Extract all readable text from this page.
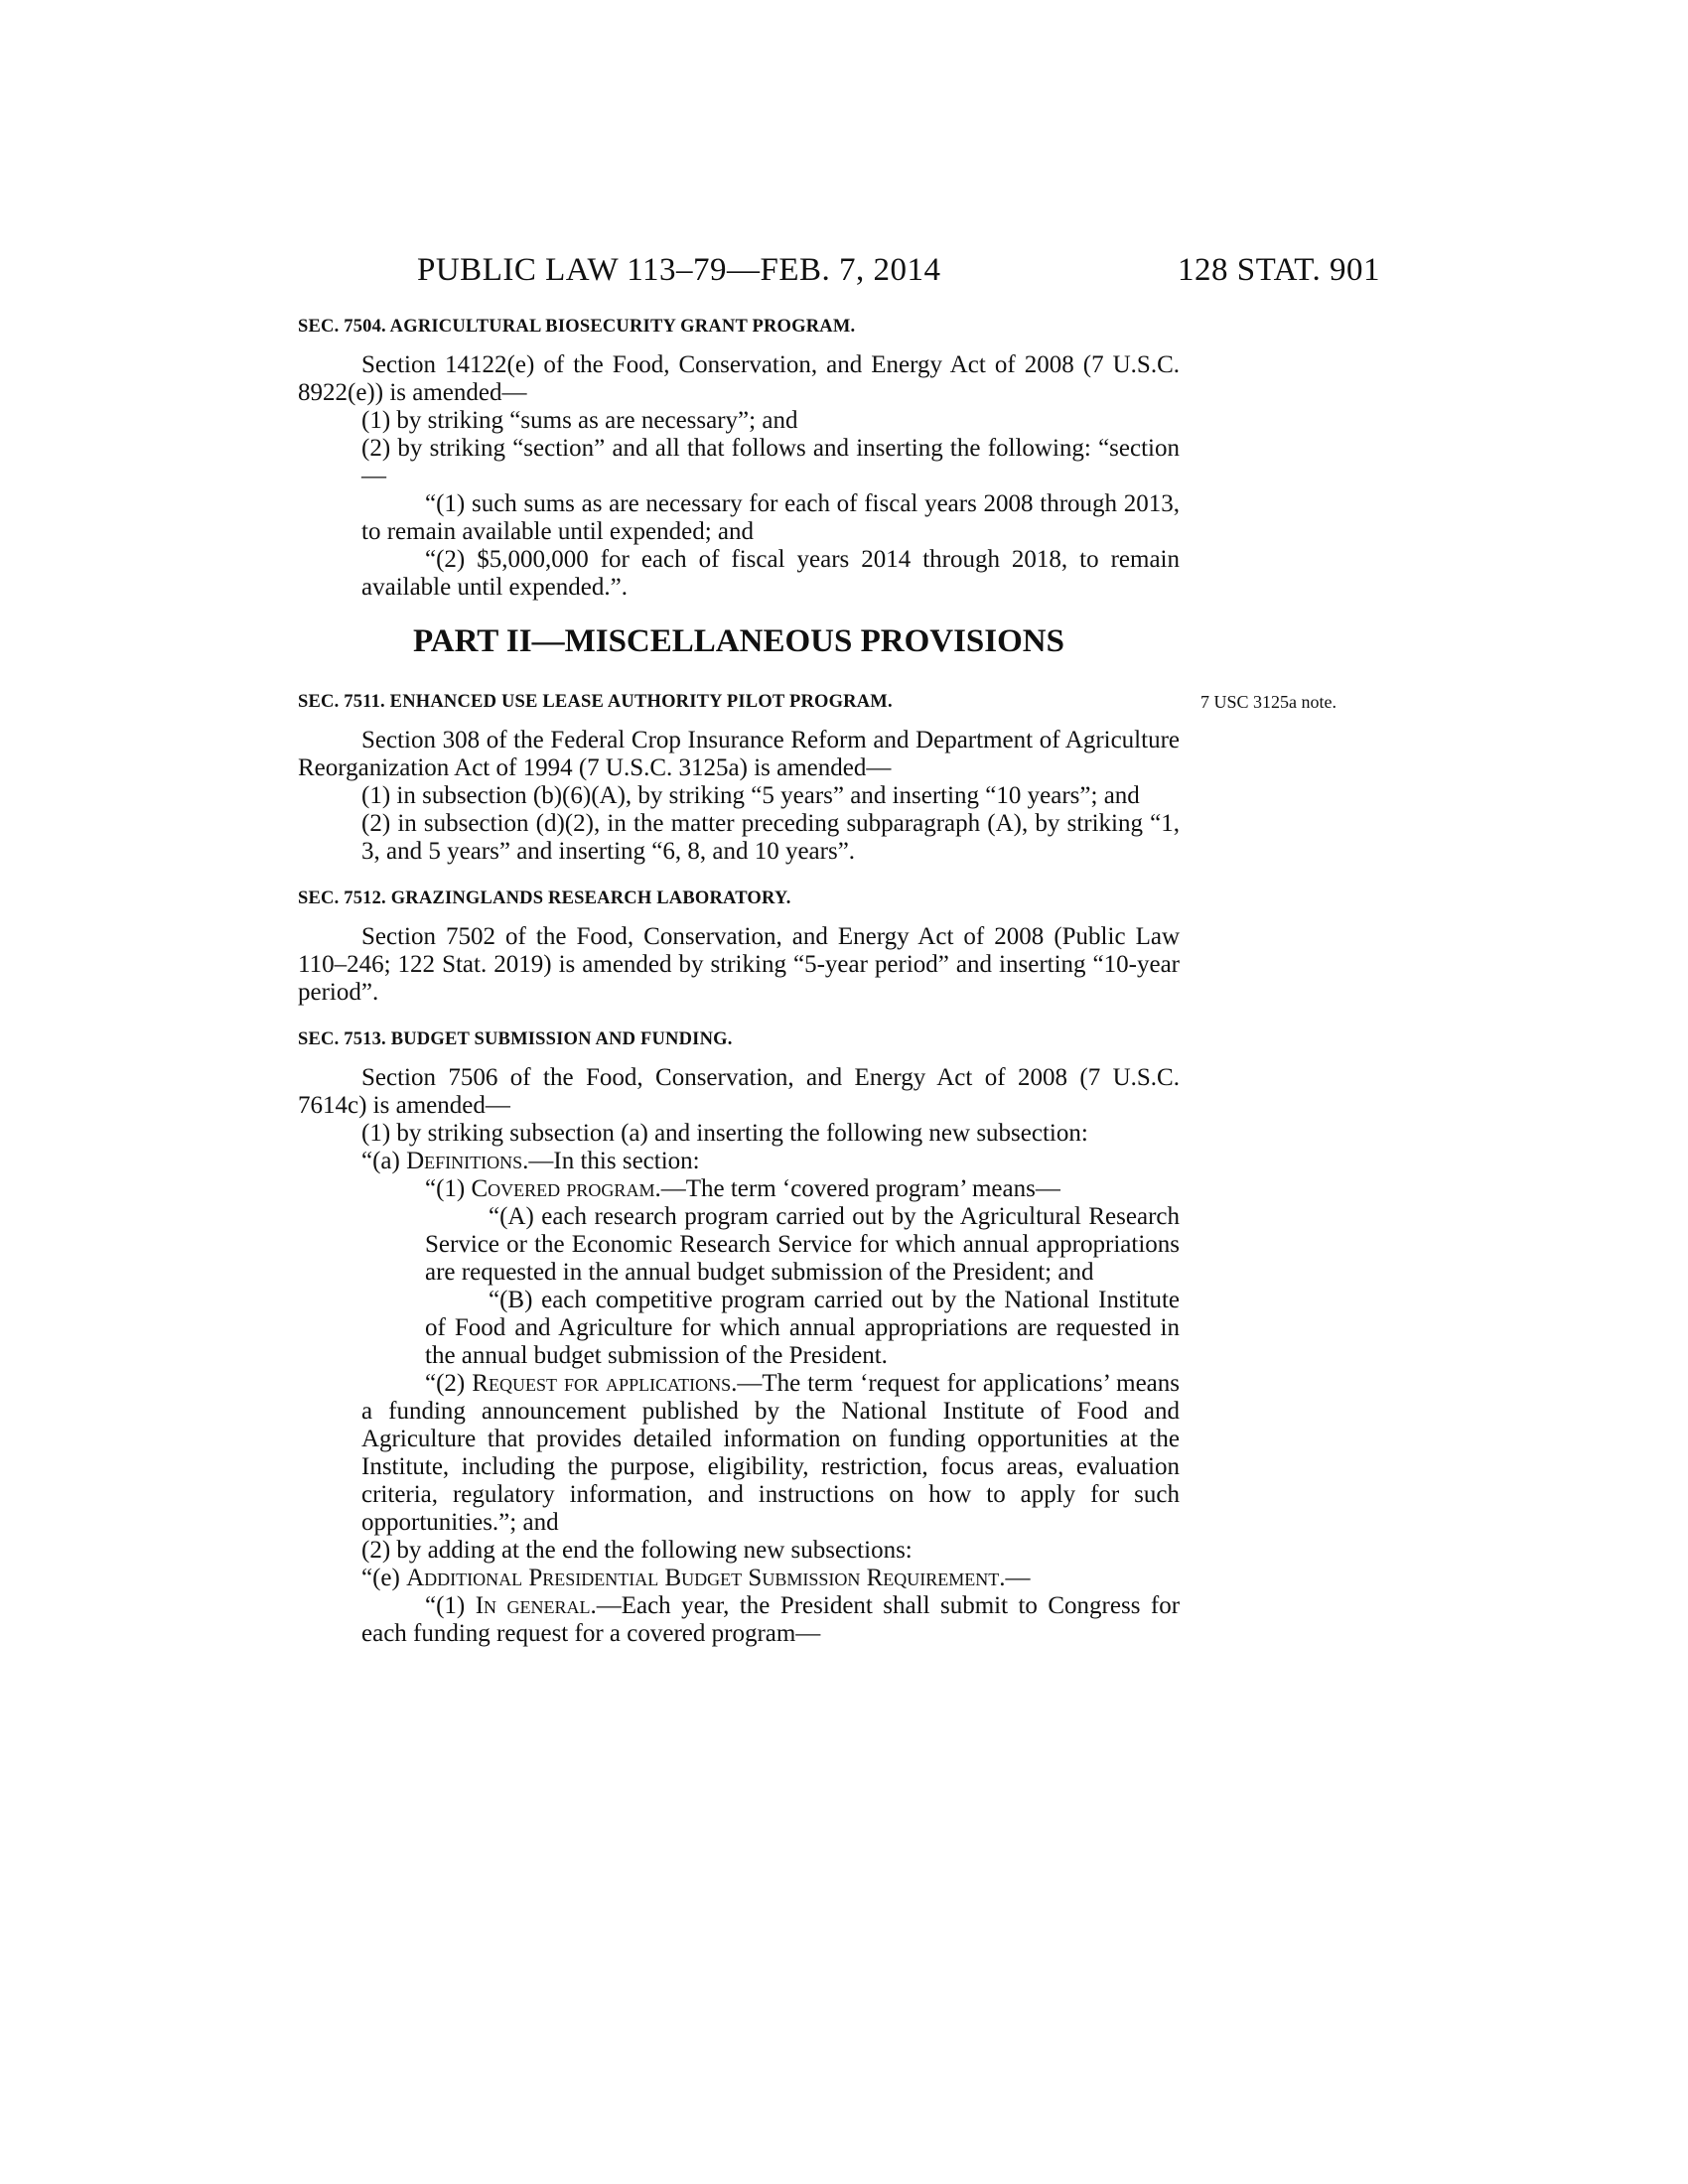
PUBLIC LAW 113–79—FEB. 7, 2014	128 STAT. 901
7 USC 3125a note.
SEC. 7504. AGRICULTURAL BIOSECURITY GRANT PROGRAM.

Section 14122(e) of the Food, Conservation, and Energy Act of 2008 (7 U.S.C. 8922(e)) is amended—

(1) by striking “sums as are necessary”; and

(2) by striking “section” and all that follows and inserting the following: “section—

“(1) such sums as are necessary for each of fiscal years 2008 through 2013, to remain available until expended; and

“(2) $5,000,000 for each of fiscal years 2014 through 2018, to remain available until expended.”.

PART II—MISCELLANEOUS PROVISIONS
SEC. 7511. ENHANCED USE LEASE AUTHORITY PILOT PROGRAM.

Section 308 of the Federal Crop Insurance Reform and Department of Agriculture Reorganization Act of 1994 (7 U.S.C. 3125a) is amended—

(1) in subsection (b)(6)(A), by striking “5 years” and inserting “10 years”; and

(2) in subsection (d)(2), in the matter preceding subparagraph (A), by striking “1, 3, and 5 years” and inserting “6, 8, and 10 years”.

SEC. 7512. GRAZINGLANDS RESEARCH LABORATORY.

Section 7502 of the Food, Conservation, and Energy Act of 2008 (Public Law 110–246; 122 Stat. 2019) is amended by striking “5-year period” and inserting “10-year period”.

SEC. 7513. BUDGET SUBMISSION AND FUNDING.

Section 7506 of the Food, Conservation, and Energy Act of 2008 (7 U.S.C. 7614c) is amended—

(1) by striking subsection (a) and inserting the following new subsection:

“(a) Definitions.—In this section:

“(1) Covered program.—The term ‘covered program’ means—

“(A) each research program carried out by the Agricultural Research Service or the Economic Research Service for which annual appropriations are requested in the annual budget submission of the President; and

“(B) each competitive program carried out by the National Institute of Food and Agriculture for which annual appropriations are requested in the annual budget submission of the President.

“(2) Request for applications.—The term ‘request for applications’ means a funding announcement published by the National Institute of Food and Agriculture that provides detailed information on funding opportunities at the Institute, including the purpose, eligibility, restriction, focus areas, evaluation criteria, regulatory information, and instructions on how to apply for such opportunities.”; and

(2) by adding at the end the following new subsections:

“(e) Additional Presidential Budget Submission Requirement.—

“(1) In general.—Each year, the President shall submit to Congress for each funding request for a covered program—
